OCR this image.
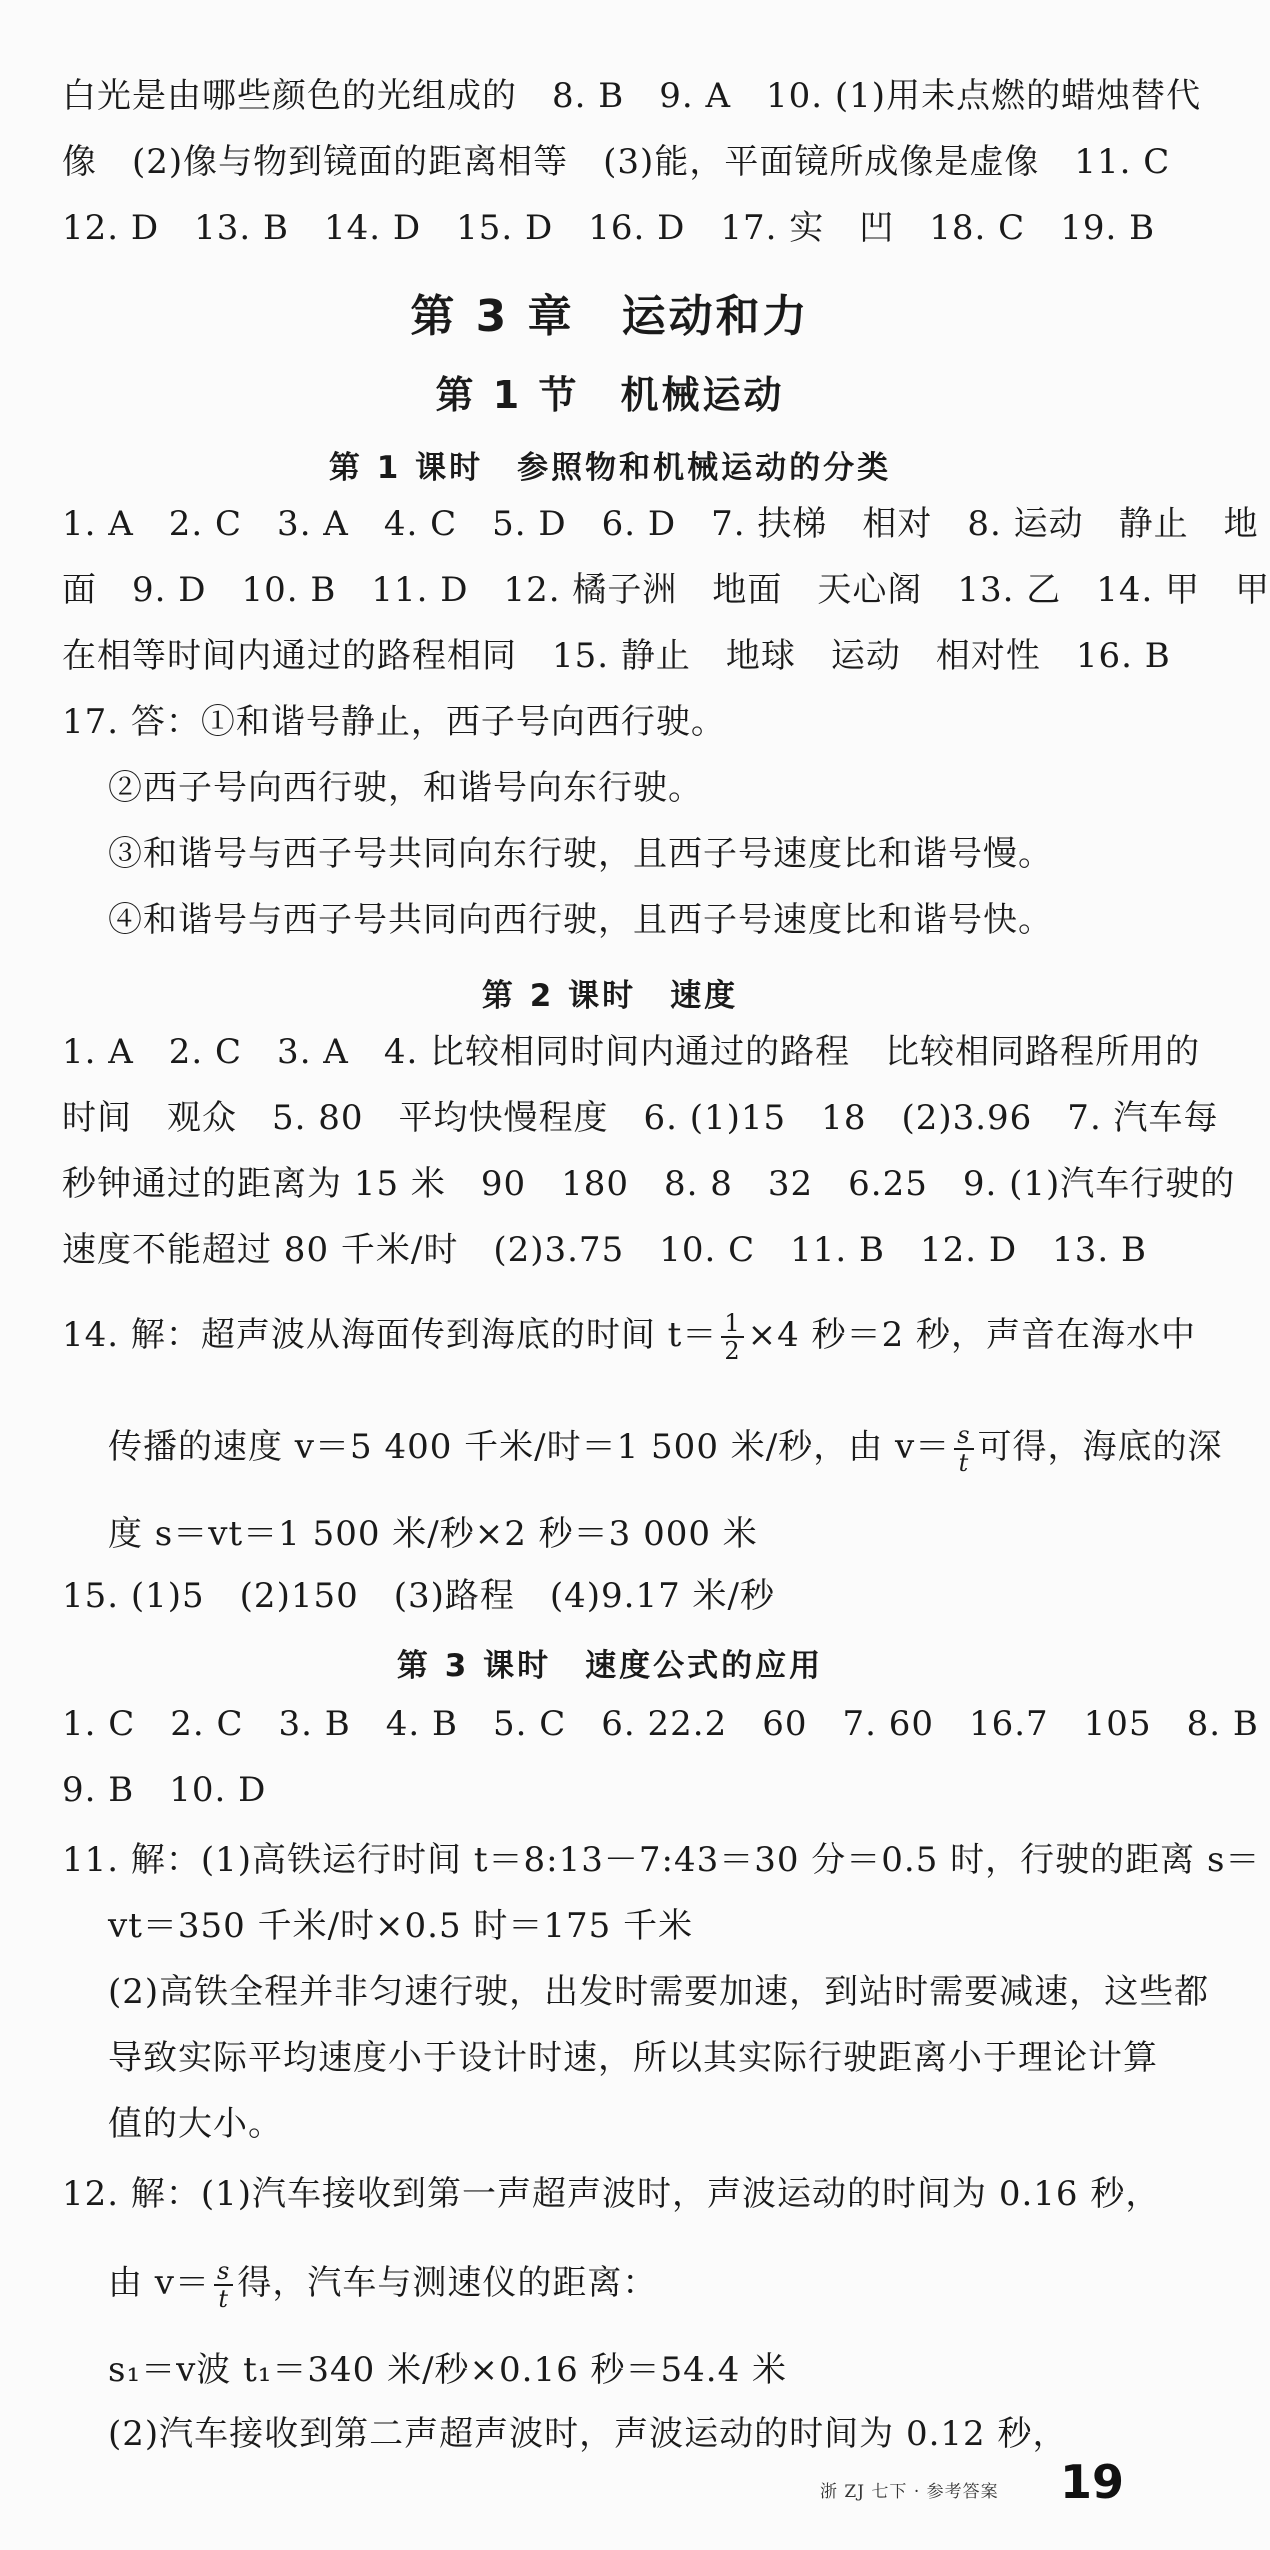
白光是由哪些颜色的光组成的　8. B　9. A　10. (1)用未点燃的蜡烛替代
像　(2)像与物到镜面的距离相等　(3)能，平面镜所成像是虚像　11. C
12. D　13. B　14. D　15. D　16. D　17. 实　凹　18. C　19. B
第 3 章　运动和力
第 1 节　机械运动
第 1 课时　参照物和机械运动的分类
1. A　2. C　3. A　4. C　5. D　6. D　7. 扶梯　相对　8. 运动　静止　地
面　9. D　10. B　11. D　12. 橘子洲　地面　天心阁　13. 乙　14. 甲　甲
在相等时间内通过的路程相同　15. 静止　地球　运动　相对性　16. B
17. 答：①和谐号静止，西子号向西行驶。
②西子号向西行驶，和谐号向东行驶。
③和谐号与西子号共同向东行驶，且西子号速度比和谐号慢。
④和谐号与西子号共同向西行驶，且西子号速度比和谐号快。
第 2 课时　速度
1. A　2. C　3. A　4. 比较相同时间内通过的路程　比较相同路程所用的
时间　观众　5. 80　平均快慢程度　6. (1)15　18　(2)3.96　7. 汽车每
秒钟通过的距离为 15 米　90　180　8. 8　32　6.25　9. (1)汽车行驶的
速度不能超过 80 千米/时　(2)3.75　10. C　11. B　12. D　13. B
14. 解：超声波从海面传到海底的时间 $t= \frac{1}{2} \times 4$ 秒＝2 秒，声音在海水中
传播的速度 v＝5 400 千米/时＝1 500 米/秒，由 $v= \frac{s}{t}$ 可得，海底的深
度 s＝vt＝1 500 米/秒×2 秒＝3 000 米
15. (1)5　(2)150　(3)路程　(4)9.17 米/秒
第 3 课时　速度公式的应用
1. C　2. C　3. B　4. B　5. C　6. 22.2　60　7. 60　16.7　105　8. B
9. B　10. D
11. 解：(1)高铁运行时间 t＝8:13－7:43＝30 分＝0.5 时，行驶的距离 s＝
vt＝350 千米/时×0.5 时＝175 千米
(2)高铁全程并非匀速行驶，出发时需要加速，到站时需要减速，这些都
导致实际平均速度小于设计时速，所以其实际行驶距离小于理论计算
值的大小。
12. 解：(1)汽车接收到第一声超声波时，声波运动的时间为 0.16 秒，
由 $v= \frac{s}{t}$ 得，汽车与测速仪的距离：
s₁＝v波 t₁＝340 米/秒×0.16 秒＝54.4 米
(2)汽车接收到第二声超声波时，声波运动的时间为 0.12 秒，
浙 ZJ 七下 · 参考答案 19
